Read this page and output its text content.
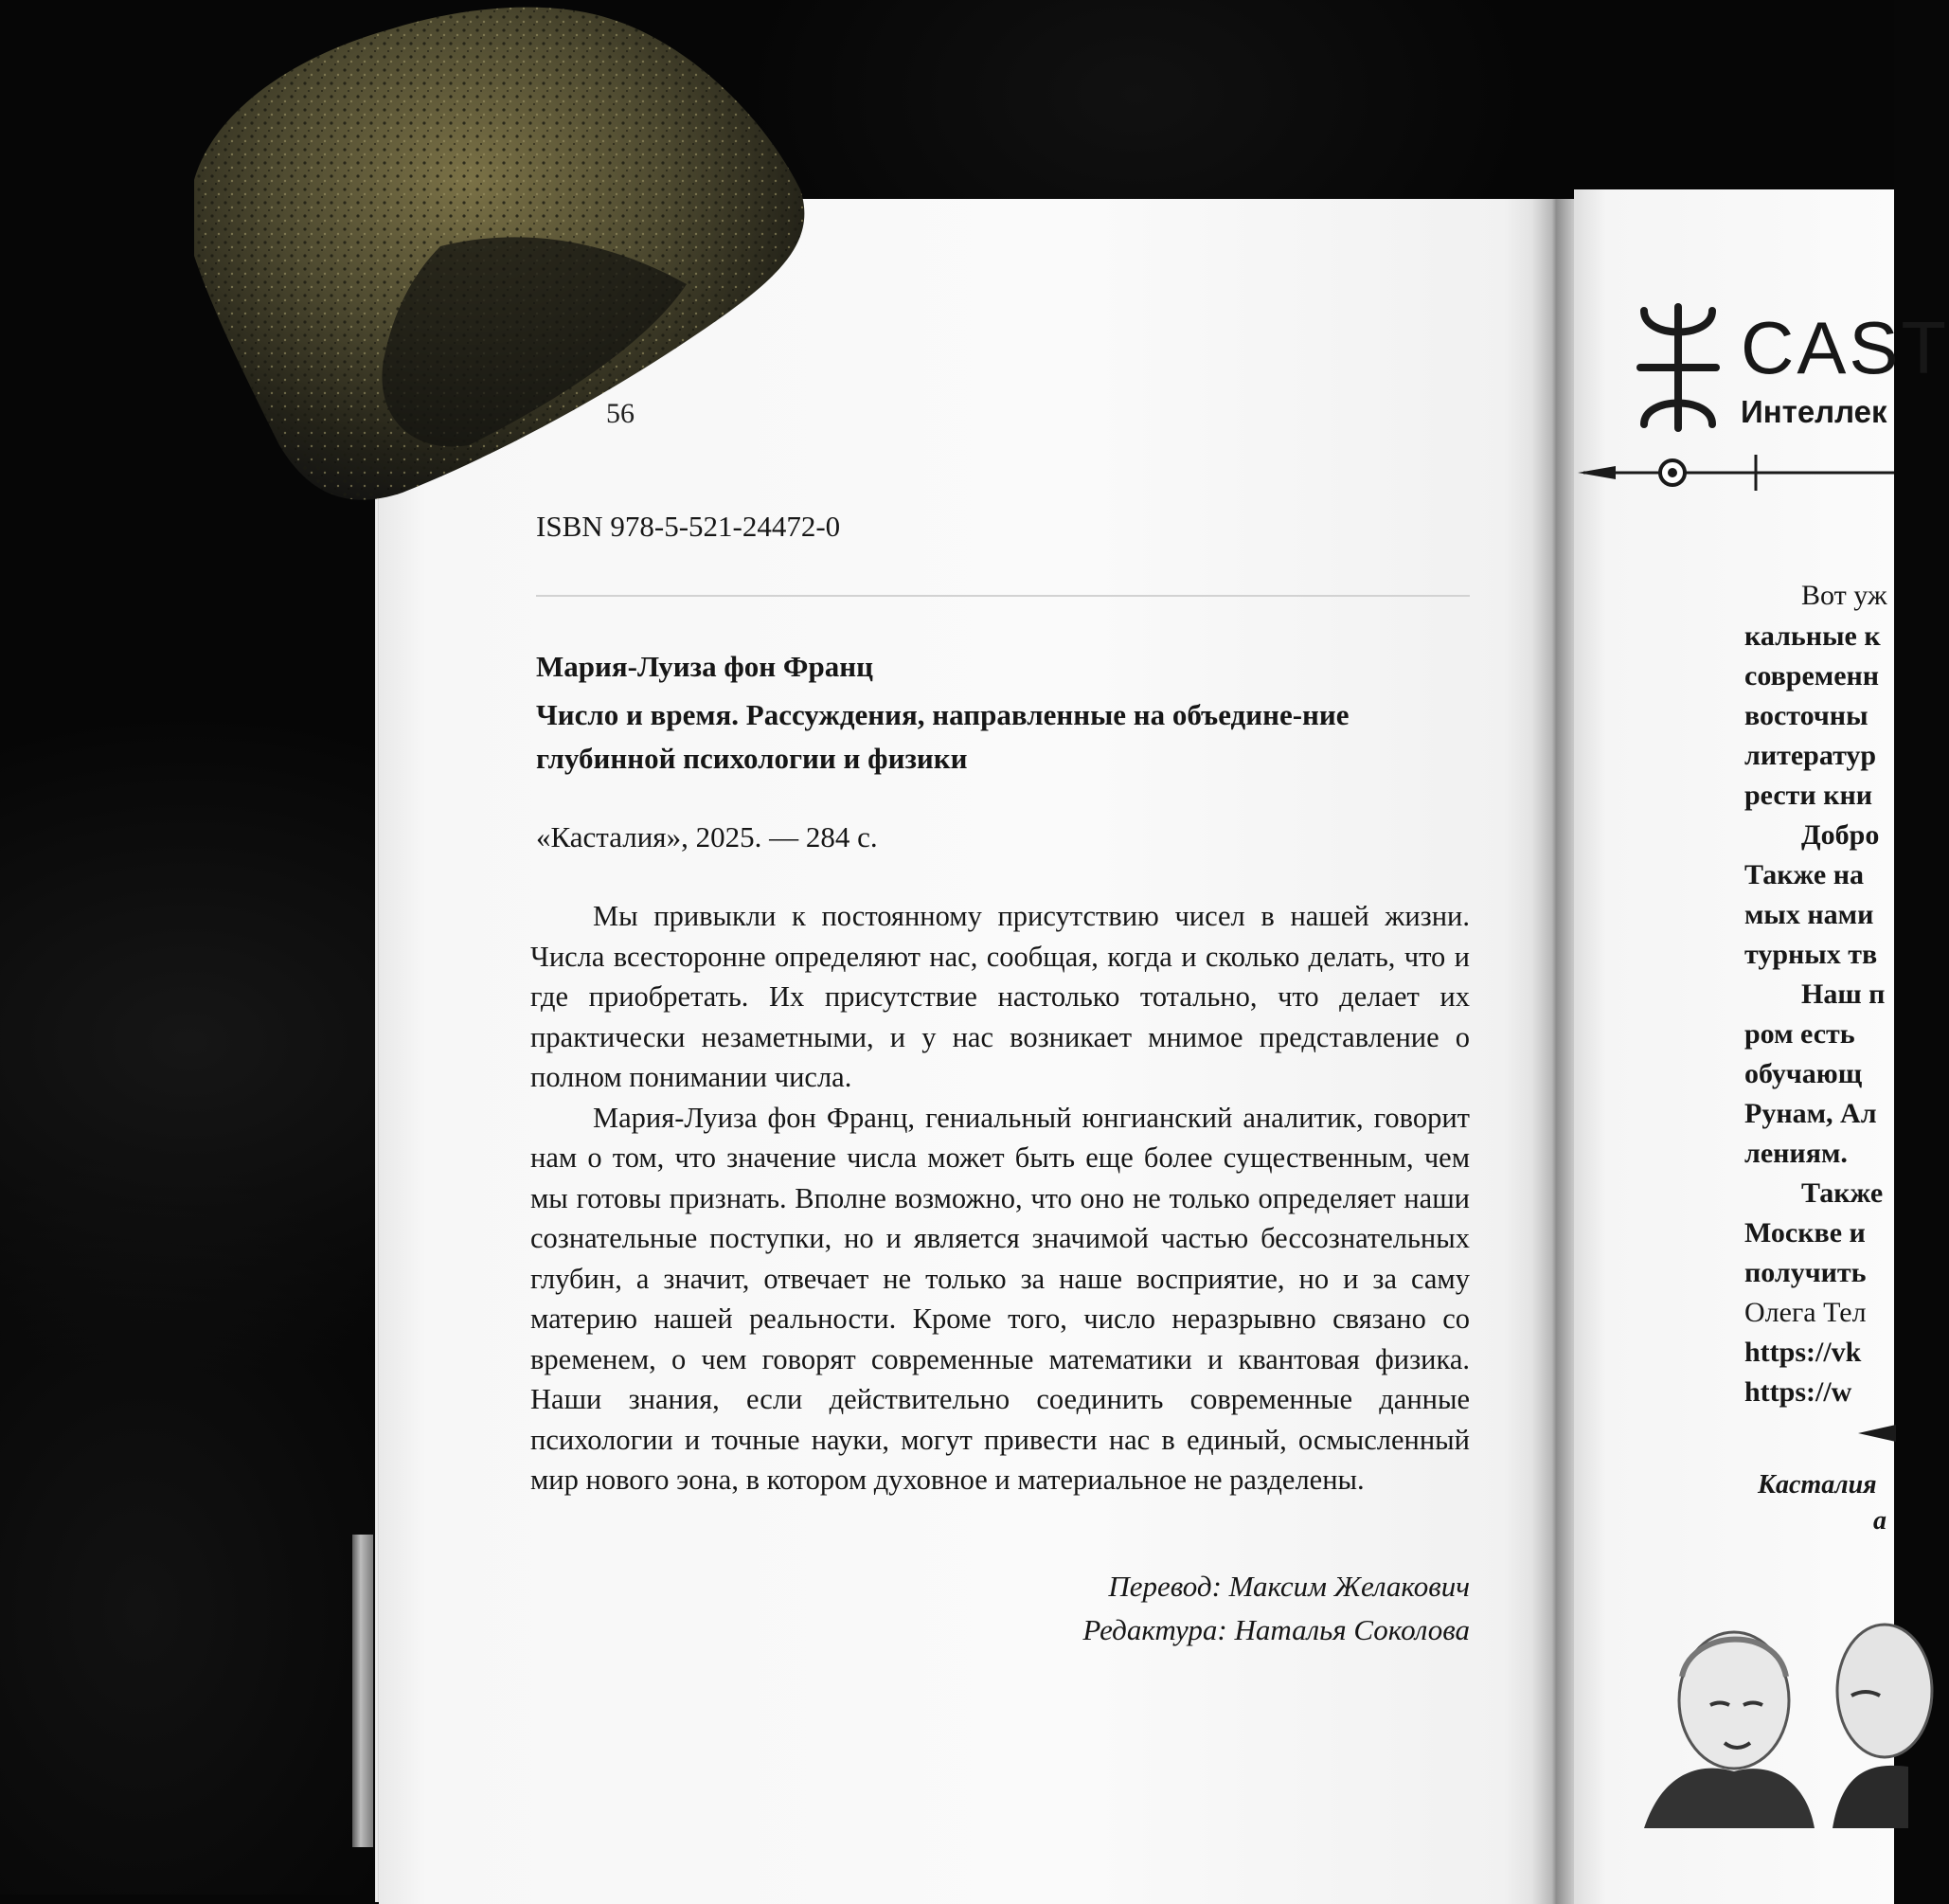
ISBN 978-5-521-24472-0
Мария-Луиза фон Франц
Число и время. Рассуждения, направленные на объедине-ние глубинной психологии и физики
«Касталия», 2025. — 284 с.

Мы привыкли к постоянному присутствию чисел в нашей жизни. Числа всесторонне определяют нас, сообщая, когда и сколько делать, что и где приобретать. Их присутствие настолько тотально, что делает их практически незаметными, и у нас возникает мнимое представление о полном понимании числа.

Мария-Луиза фон Франц, гениальный юнгианский аналитик, говорит нам о том, что значение числа может быть еще более существенным, чем мы готовы признать. Вполне возможно, что оно не только определяет наши сознательные поступки, но и является значимой частью бессознательных глубин, а значит, отвечает не только за наше восприятие, но и за саму материю нашей реальности. Кроме того, число неразрывно связано со временем, о чем говорят современные математики и квантовая физика. Наши знания, если действительно соединить современные данные психологии и точные науки, могут привести нас в единый, осмысленный мир нового эона, в котором духовное и материальное не разделены.

Перевод: Максим Желакович
Редактура: Наталья Соколова
56
CAST
Интеллек
Вот уж
кальные к
современн
восточны
литератур
рести кни
Добро
Также на
мых нами
турных тв
Наш п
ром есть
обучающ
Рунам, Ал
лениям.
Также
Москве и
получить
Олега Тел
https://vk
https://w
Касталия
а
